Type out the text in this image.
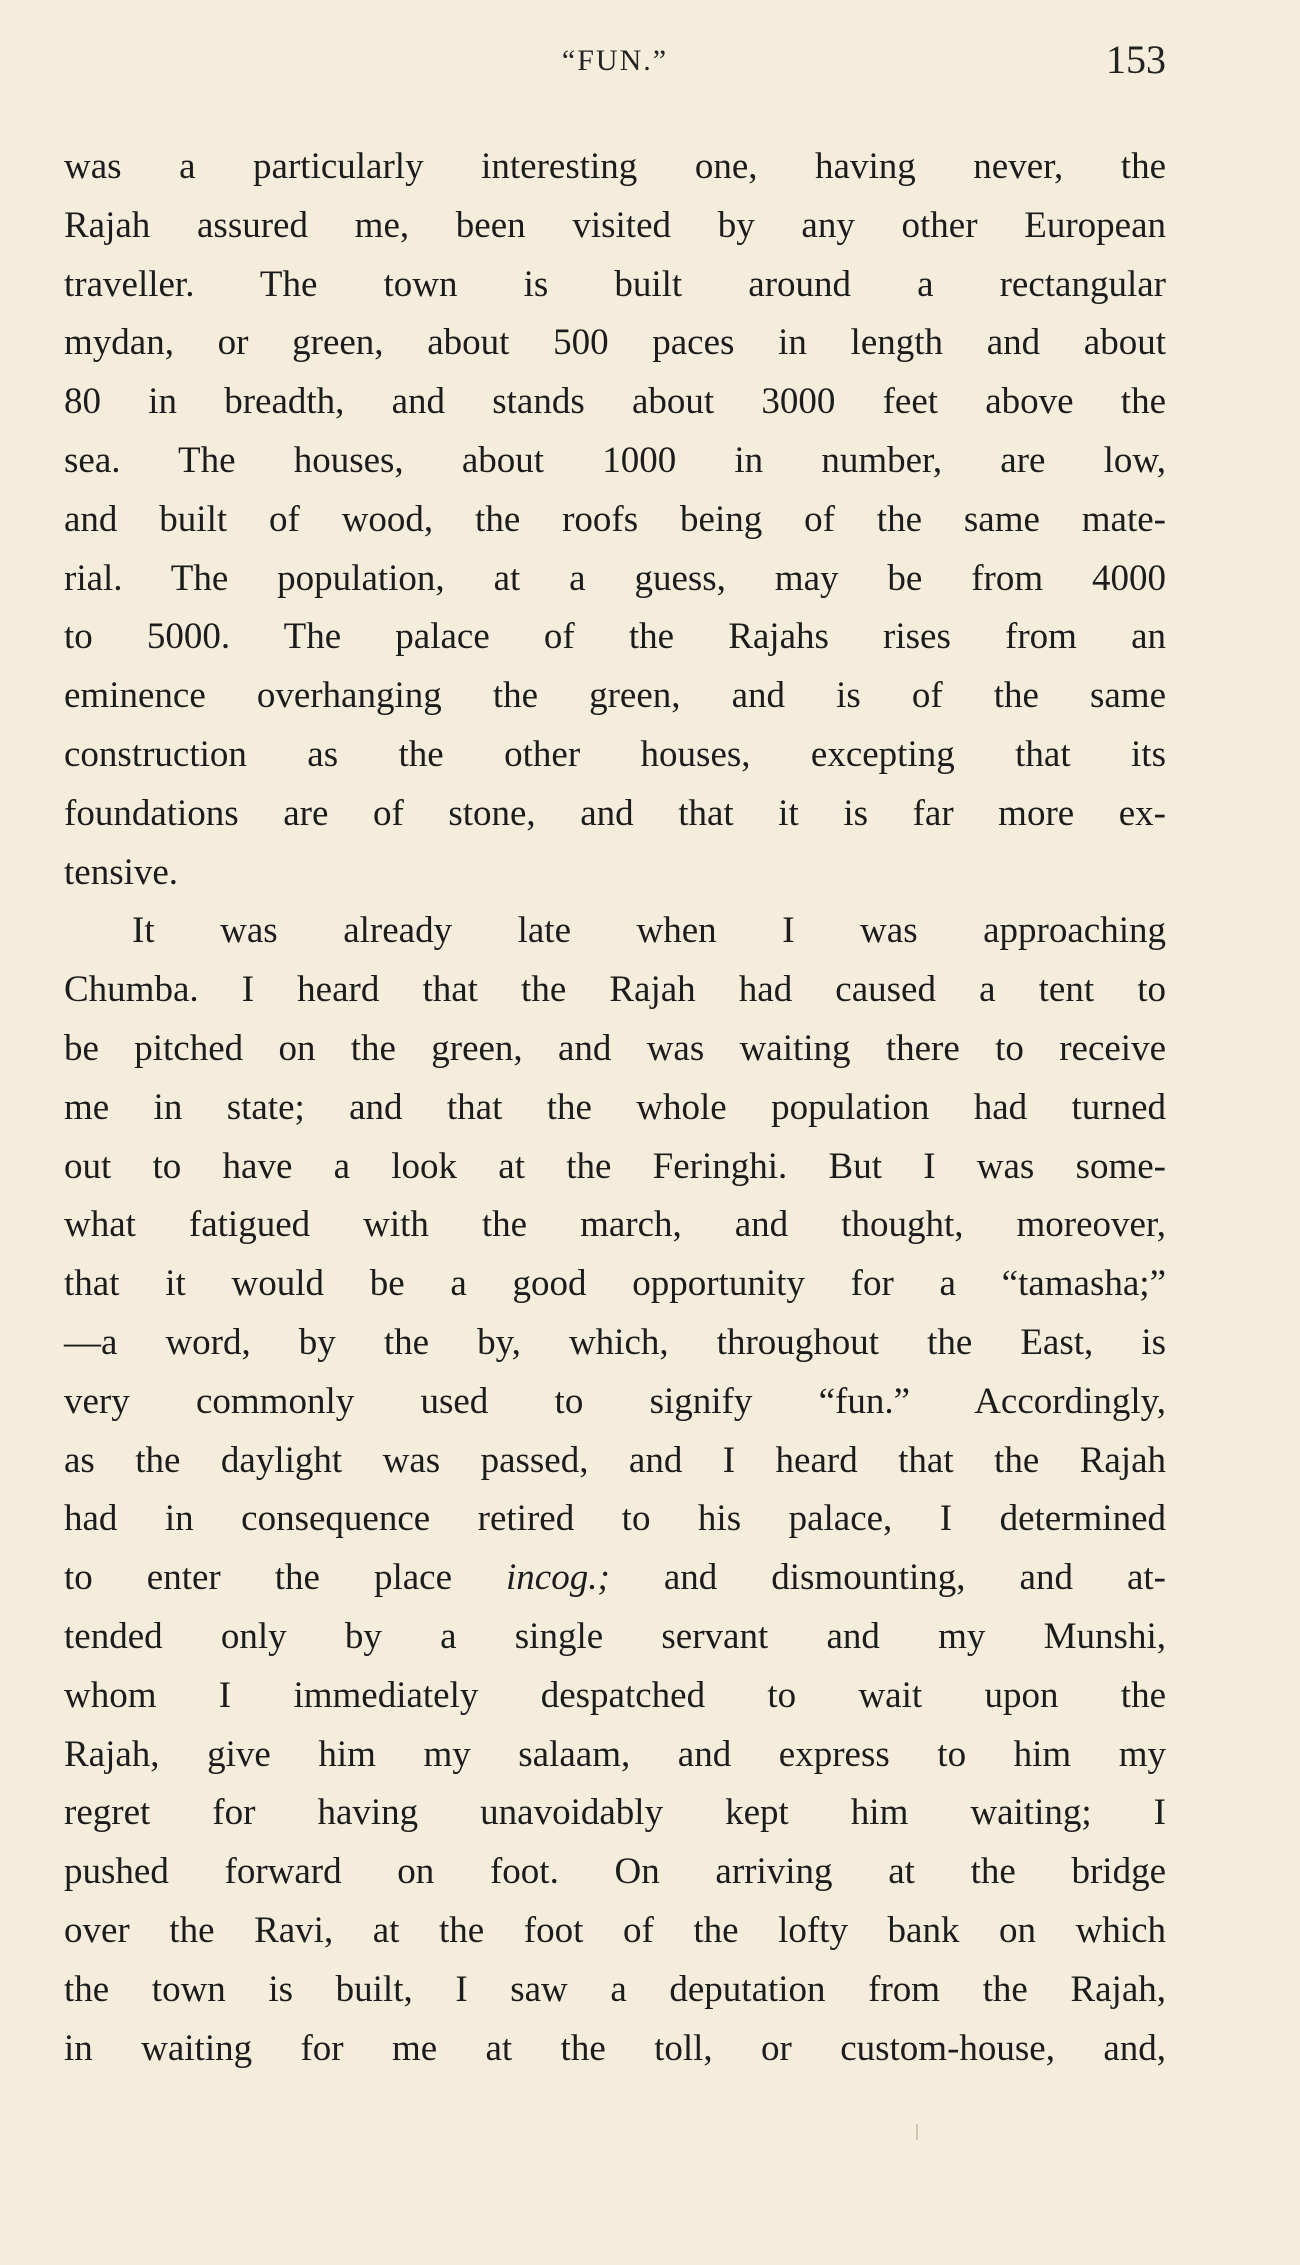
“FUN.”	153
was a particularly interesting one, having never, the
Rajah assured me, been visited by any other European
traveller. The town is built around a rectangular
mydan, or green, about 500 paces in length and about
80 in breadth, and stands about 3000 feet above the
sea. The houses, about 1000 in number, are low,
and built of wood, the roofs being of the same mate-
rial. The population, at a guess, may be from 4000
to 5000. The palace of the Rajahs rises from an
eminence overhanging the green, and is of the same
construction as the other houses, excepting that its
foundations are of stone, and that it is far more ex-
tensive.
It was already late when I was approaching
Chumba. I heard that the Rajah had caused a tent to
be pitched on the green, and was waiting there to receive
me in state; and that the whole population had turned
out to have a look at the Feringhi. But I was some-
what fatigued with the march, and thought, moreover,
that it would be a good opportunity for a “tamasha;”
—a word, by the by, which, throughout the East, is
very commonly used to signify “fun.” Accordingly,
as the daylight was passed, and I heard that the Rajah
had in consequence retired to his palace, I determined
to enter the place incog.; and dismounting, and at-
tended only by a single servant and my Munshi,
whom I immediately despatched to wait upon the
Rajah, give him my salaam, and express to him my
regret for having unavoidably kept him waiting; I
pushed forward on foot. On arriving at the bridge
over the Ravi, at the foot of the lofty bank on which
the town is built, I saw a deputation from the Rajah,
in waiting for me at the toll, or custom-house, and,
